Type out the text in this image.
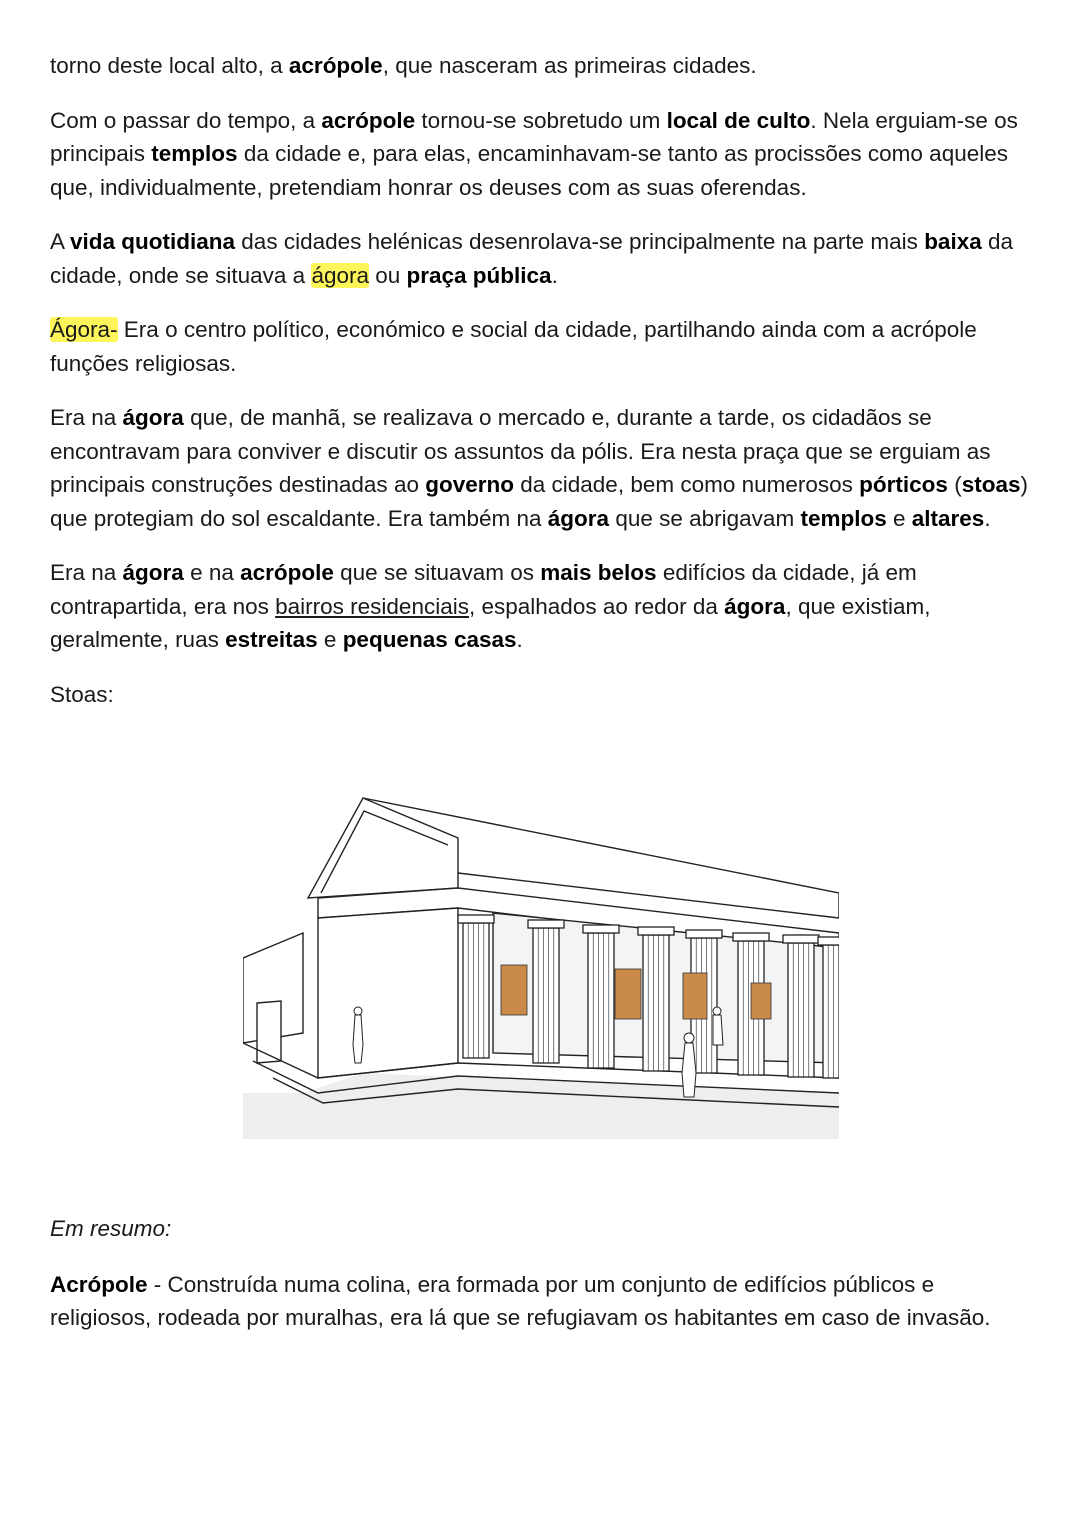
torno deste local alto, a acrópole, que nasceram as primeiras cidades.

Com o passar do tempo, a acrópole tornou-se sobretudo um local de culto. Nela erguiam-se os principais templos da cidade e, para elas, encaminhavam-se tanto as procissões como aqueles que, individualmente, pretendiam honrar os deuses com as suas oferendas.

A vida quotidiana das cidades helénicas desenrolava-se principalmente na parte mais baixa da cidade, onde se situava a ágora ou praça pública.

Ágora- Era o centro político, económico e social da cidade, partilhando ainda com a acrópole funções religiosas.

Era na ágora que, de manhã, se realizava o mercado e, durante a tarde, os cidadãos se encontravam para conviver e discutir os assuntos da pólis. Era nesta praça que se erguiam as principais construções destinadas ao governo da cidade, bem como numerosos pórticos (stoas) que protegiam do sol escaldante. Era também na ágora que se abrigavam templos e altares.

Era na ágora e na acrópole que se situavam os mais belos edifícios da cidade, já em contrapartida, era nos bairros residenciais, espalhados ao redor da ágora, que existiam, geralmente, ruas estreitas e pequenas casas.

Stoas:

Em resumo:

Acrópole - Construída numa colina, era formada por um conjunto de edifícios públicos e religiosos, rodeada por muralhas, era lá que se refugiavam os habitantes em caso de invasão.
